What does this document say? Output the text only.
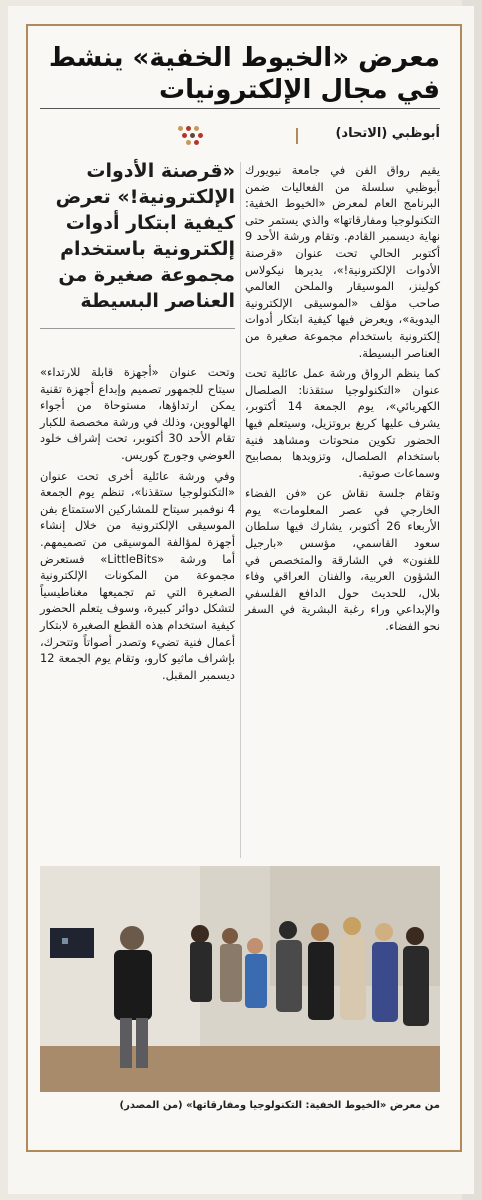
معرض «الخيوط الخفية» ينشط في مجال الإلكترونيات
أبوظبي (الاتحاد)
«قرصنة الأدوات الإلكترونية!» تعرض كيفية ابتكار أدوات إلكترونية باستخدام مجموعة صغيرة من العناصر البسيطة

يقيم رواق الفن في جامعة نيويورك أبوظبي سلسلة من الفعاليات ضمن البرنامج العام لمعرض «الخيوط الخفية: التكنولوجيا ومفارقاتها» والذي يستمر حتى نهاية ديسمبر القادم. وتقام ورشة الأحد 9 أكتوبر الحالي تحت عنوان «قرصنة الأدوات الإلكترونية!»، يديرها نيكولاس كولينز، الموسيقار والملحن العالمي صاحب مؤلف «الموسيقى الإلكترونية اليدوية»، ويعرض فيها كيفية ابتكار أدوات إلكترونية باستخدام مجموعة صغيرة من العناصر البسيطة.

كما ينظم الرواق ورشة عمل عائلية تحت عنوان «التكنولوجيا ستقذنا: الصلصال الكهربائي»، يوم الجمعة 14 أكتوبر، يشرف عليها كريغ بروتزيل، وسيتعلم فيها الحضور تكوين منحوتات ومشاهد فنية باستخدام الصلصال، وتزويدها بمصابيح وسماعات صوتية.

وتقام جلسة نقاش عن «فن الفضاء الخارجي في عصر المعلومات» يوم الأربعاء 26 أكتوبر، يشارك فيها سلطان سعود القاسمي، مؤسس «بارجيل للفنون» في الشارقة والمتخصص في الشؤون العربية، والفنان العراقي وفاء بلال، للحديث حول الدافع الفلسفي والإبداعي وراء رغبة البشرية في السفر نحو الفضاء.

وتحت عنوان «أجهزة قابلة للارتداء» سيتاح للجمهور تصميم وإبداع أجهزة تقنية يمكن ارتداؤها، مستوحاة من أجواء الهالووين، وذلك في ورشة مخصصة للكبار تقام الأحد 30 أكتوبر، تحت إشراف خلود العوضي وجورج كوريس.

وفي ورشة عائلية أخرى تحت عنوان «التكنولوجيا ستقذنا»، تنظم يوم الجمعة 4 نوفمبر سيتاح للمشاركين الاستمتاع بفن الموسيقى الإلكترونية من خلال إنشاء أجهزة لمؤالفة الموسيقى من تصميمهم. أما ورشة «LittleBits» فستعرض مجموعة من المكونات الإلكترونية الصغيرة التي تم تجميعها مغناطيسياً لتشكل دوائر كبيرة، وسوف يتعلم الحضور كيفية استخدام هذه القطع الصغيرة لابتكار أعمال فنية تضيء وتصدر أصواتاً وتتحرك، بإشراف ماثيو كارو، وتقام يوم الجمعة 12 ديسمبر المقبل.

من معرض «الخيوط الخفية: التكنولوجيا ومفارقاتها» (من المصدر)
